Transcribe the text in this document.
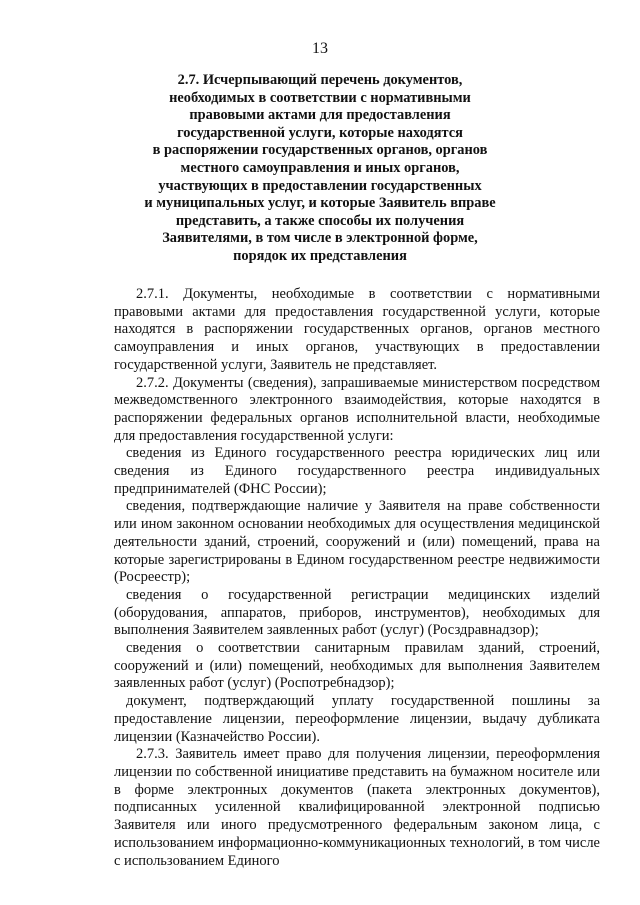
13
2.7. Исчерпывающий перечень документов,
необходимых в соответствии с нормативными
правовыми актами для предоставления
государственной услуги, которые находятся
в распоряжении государственных органов, органов
местного самоуправления и иных органов,
участвующих в предоставлении государственных
и муниципальных услуг, и которые Заявитель вправе
представить, а также способы их получения
Заявителями, в том числе в электронной форме,
порядок их представления

2.7.1. Документы, необходимые в соответствии с нормативными правовыми актами для предоставления государственной услуги, которые находятся в распоряжении государственных органов, органов местного самоуправления и иных органов, участвующих в предоставлении государственной услуги, Заявитель не представляет.

2.7.2. Документы (сведения), запрашиваемые министерством посредством межведомственного электронного взаимодействия, которые находятся в распоряжении федеральных органов исполнительной власти, необходимые для предоставления государственной услуги:

сведения из Единого государственного реестра юридических лиц или сведения из Единого государственного реестра индивидуальных предпринимателей (ФНС России);

сведения, подтверждающие наличие у Заявителя на праве собственности или ином законном основании необходимых для осуществления медицинской деятельности зданий, строений, сооружений и (или) помещений, права на которые зарегистрированы в Едином государственном реестре недвижимости (Росреестр);

сведения о государственной регистрации медицинских изделий (оборудования, аппаратов, приборов, инструментов), необходимых для выполнения Заявителем заявленных работ (услуг) (Росздравнадзор);

сведения о соответствии санитарным правилам зданий, строений, сооружений и (или) помещений, необходимых для выполнения Заявителем заявленных работ (услуг) (Роспотребнадзор);

документ, подтверждающий уплату государственной пошлины за предоставление лицензии, переоформление лицензии, выдачу дубликата лицензии (Казначейство России).

2.7.3. Заявитель имеет право для получения лицензии, переоформления лицензии по собственной инициативе представить на бумажном носителе или в форме электронных документов (пакета электронных документов), подписанных усиленной квалифицированной электронной подписью Заявителя или иного предусмотренного федеральным законом лица, с использованием информационно-коммуникационных технологий, в том числе с использованием Единого
